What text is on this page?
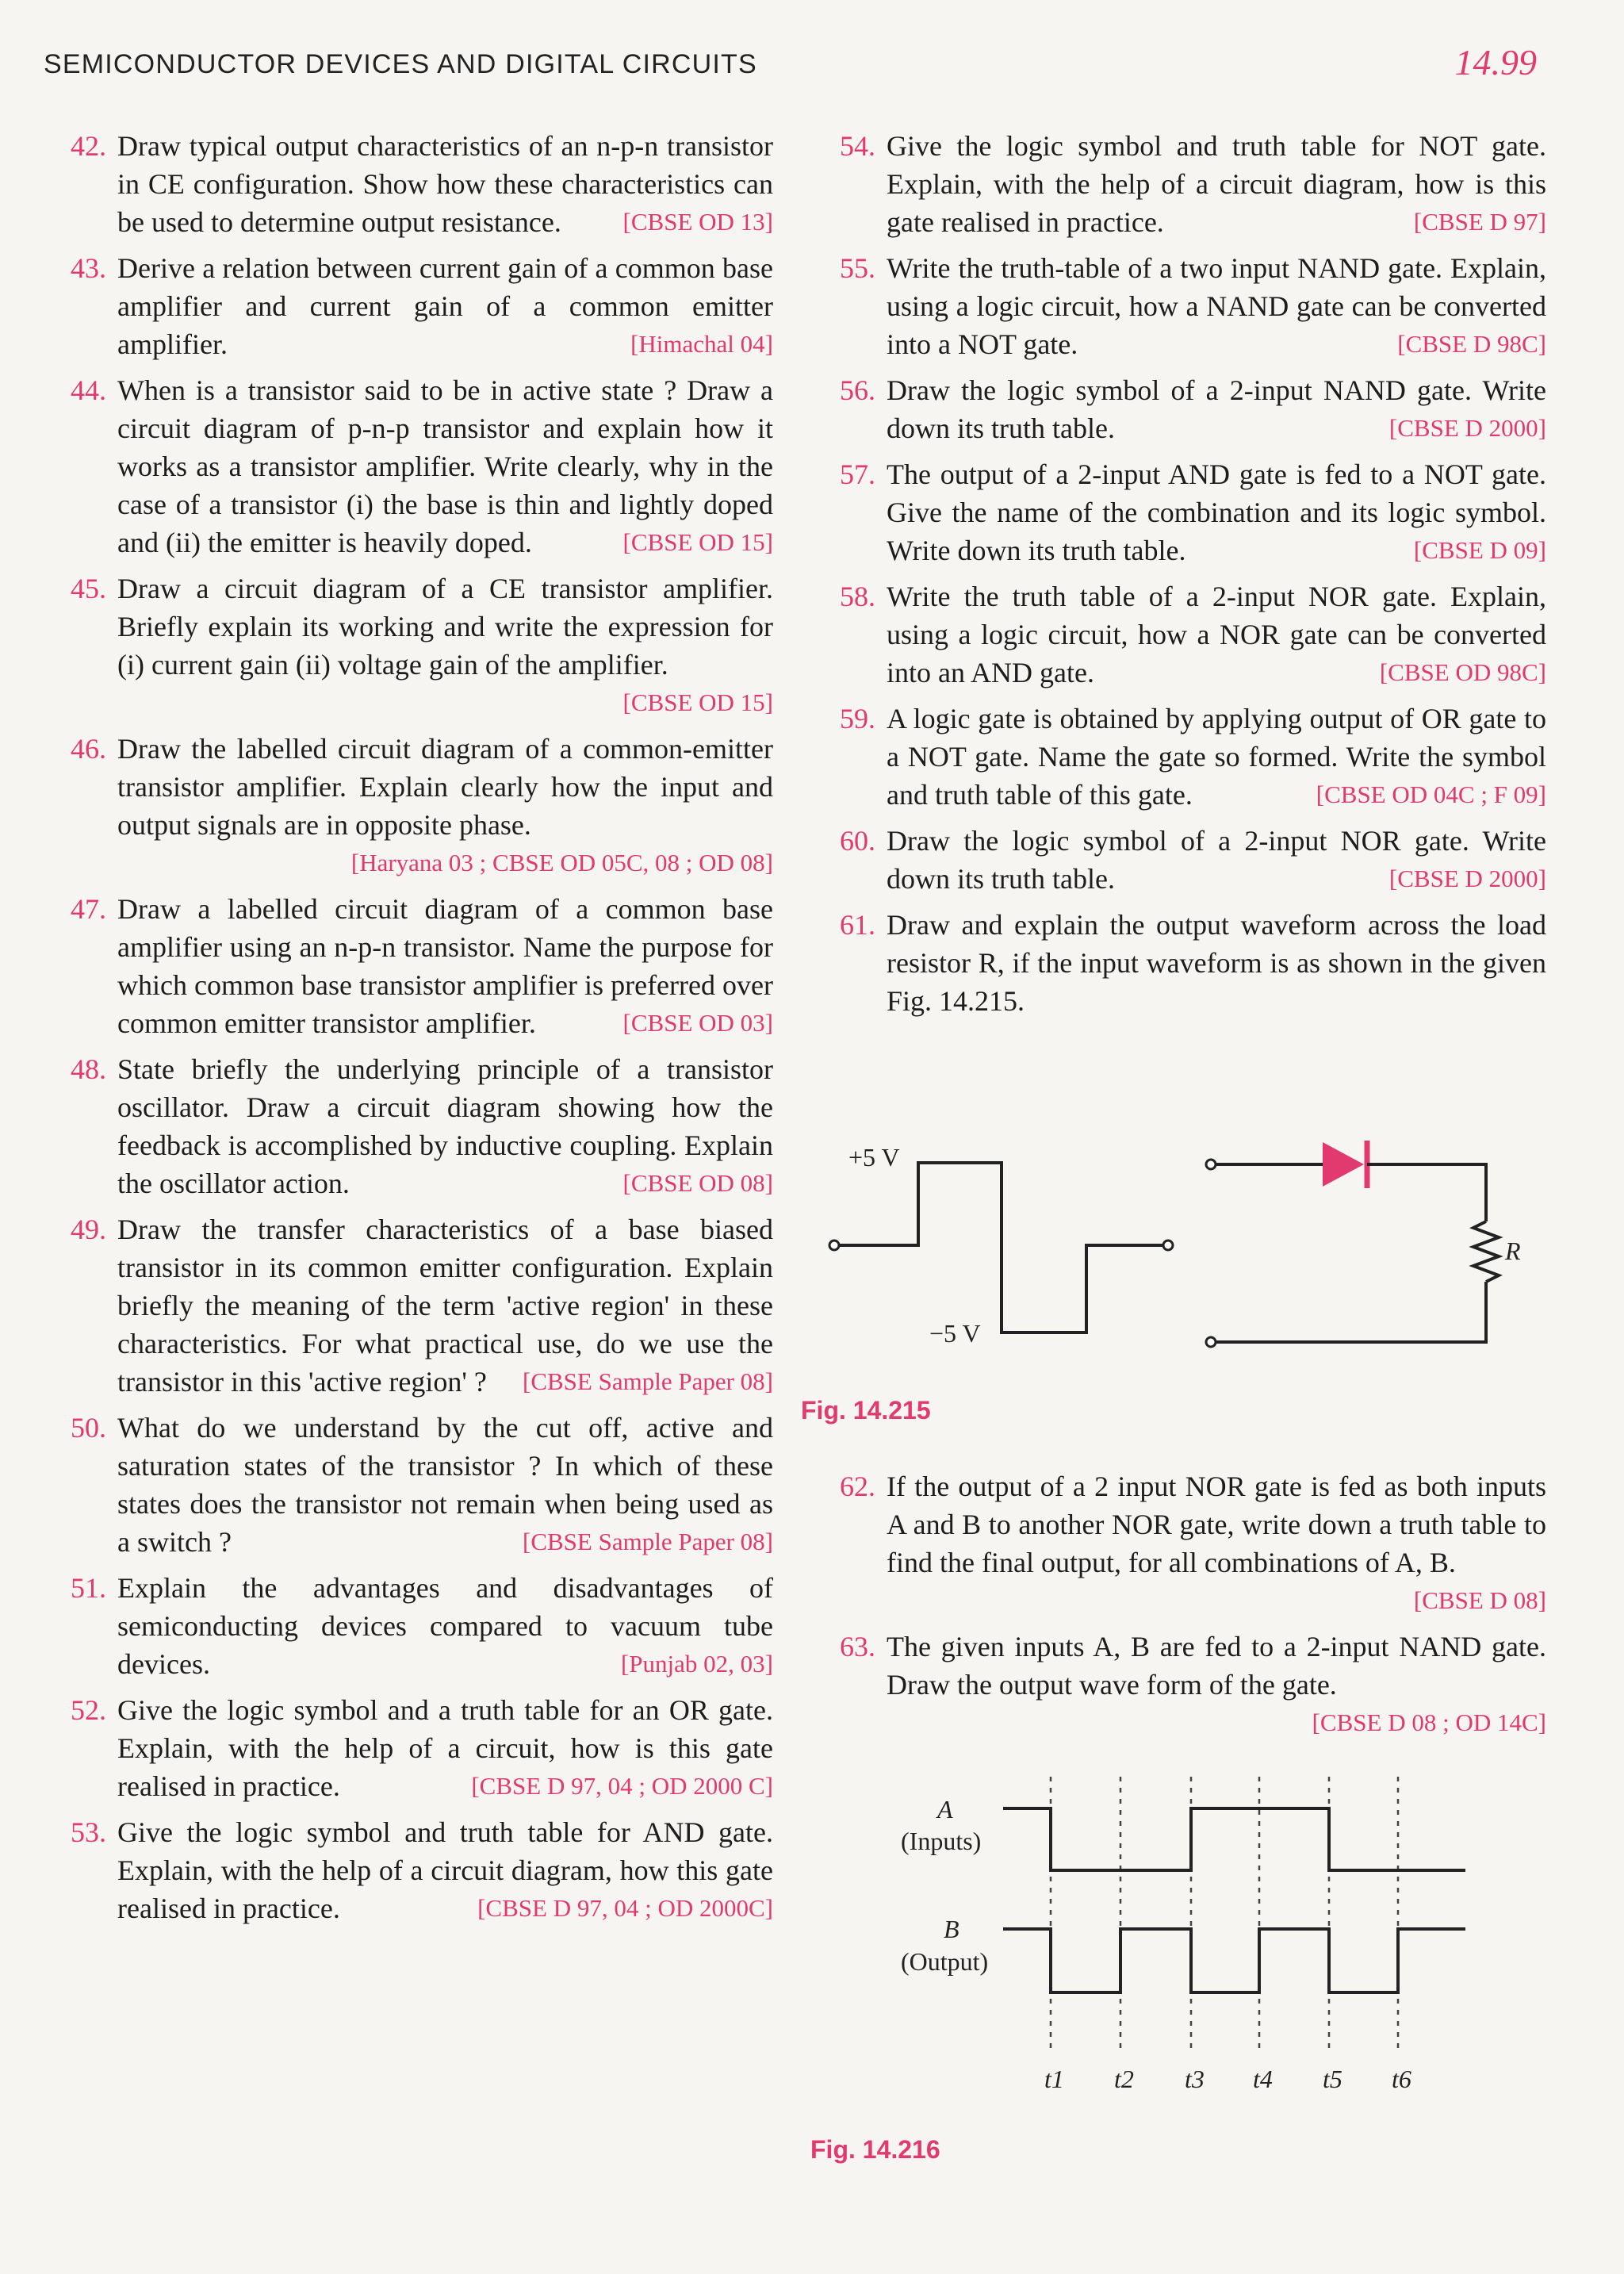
SEMICONDUCTOR DEVICES AND DIGITAL CIRCUITS	14.99
42. Draw typical output characteristics of an n-p-n transistor in CE configuration. Show how these characteristics can be used to determine output resistance.	[CBSE OD 13]
43. Derive a relation between current gain of a common base amplifier and current gain of a common emitter amplifier.	[Himachal 04]
44. When is a transistor said to be in active state ? Draw a circuit diagram of p-n-p transistor and explain how it works as a transistor amplifier. Write clearly, why in the case of a transistor (i) the base is thin and lightly doped and (ii) the emitter is heavily doped.	[CBSE OD 15]
45. Draw a circuit diagram of a CE transistor amplifier. Briefly explain its working and write the expression for (i) current gain (ii) voltage gain of the amplifier.
[CBSE OD 15]
46. Draw the labelled circuit diagram of a common-emitter transistor amplifier. Explain clearly how the input and output signals are in opposite phase.
[Haryana 03 ; CBSE OD 05C, 08 ; OD 08]
47. Draw a labelled circuit diagram of a common base amplifier using an n-p-n transistor. Name the purpose for which common base transistor amplifier is preferred over common emitter transistor amplifier.	[CBSE OD 03]
48. State briefly the underlying principle of a transistor oscillator. Draw a circuit diagram showing how the feedback is accomplished by inductive coupling. Explain the oscillator action.	[CBSE OD 08]
49. Draw the transfer characteristics of a base biased transistor in its common emitter configuration. Explain briefly the meaning of the term 'active region' in these characteristics. For what practical use, do we use the transistor in this 'active region' ? [CBSE Sample Paper 08]
50. What do we understand by the cut off, active and saturation states of the transistor ? In which of these states does the transistor not remain when being used as a switch ?	[CBSE Sample Paper 08]
51. Explain the advantages and disadvantages of semiconducting devices compared to vacuum tube devices.	[Punjab 02, 03]
52. Give the logic symbol and a truth table for an OR gate. Explain, with the help of a circuit, how is this gate realised in practice.	[CBSE D 97, 04 ; OD 2000 C]
53. Give the logic symbol and truth table for AND gate. Explain, with the help of a circuit diagram, how this gate realised in practice.	[CBSE D 97, 04 ; OD 2000C]
54. Give the logic symbol and truth table for NOT gate. Explain, with the help of a circuit diagram, how is this gate realised in practice.	[CBSE D 97]
55. Write the truth-table of a two input NAND gate. Explain, using a logic circuit, how a NAND gate can be converted into a NOT gate.	[CBSE D 98C]
56. Draw the logic symbol of a 2-input NAND gate. Write down its truth table.	[CBSE D 2000]
57. The output of a 2-input AND gate is fed to a NOT gate. Give the name of the combination and its logic symbol. Write down its truth table.	[CBSE D 09]
58. Write the truth table of a 2-input NOR gate. Explain, using a logic circuit, how a NOR gate can be converted into an AND gate.	[CBSE OD 98C]
59. A logic gate is obtained by applying output of OR gate to a NOT gate. Name the gate so formed. Write the symbol and truth table of this gate.	[CBSE OD 04C ; F 09]
60. Draw the logic symbol of a 2-input NOR gate. Write down its truth table.	[CBSE D 2000]
61. Draw and explain the output waveform across the load resistor R, if the input waveform is as shown in the given Fig. 14.215.
62. If the output of a 2 input NOR gate is fed as both inputs A and B to another NOR gate, write down a truth table to find the final output, for all combinations of A, B.
[CBSE D 08]
63. The given inputs A, B are fed to a 2-input NAND gate. Draw the output wave form of the gate.
[CBSE D 08 ; OD 14C]
+5 V
−5 V
R
Fig. 14.215
A
(Inputs)
B
(Output)
t1 t2 t3 t4 t5 t6
Fig. 14.216
